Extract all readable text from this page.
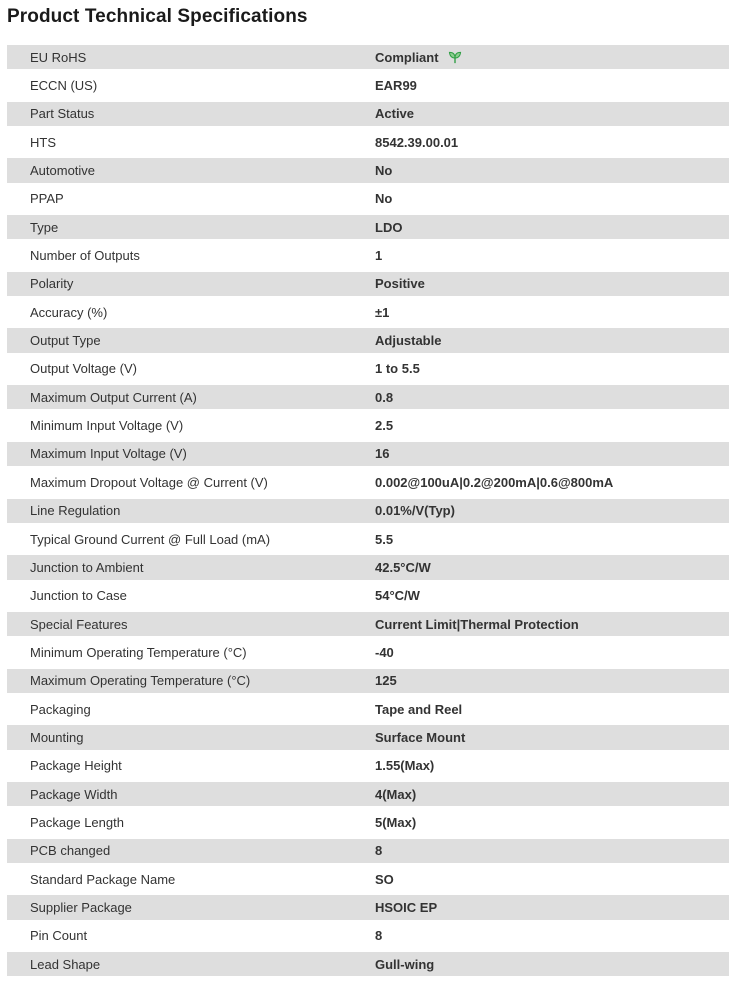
Product Technical Specifications
EU RoHS	Compliant
ECCN (US)	EAR99
Part Status	Active
HTS	8542.39.00.01
Automotive	No
PPAP	No
Type	LDO
Number of Outputs	1
Polarity	Positive
Accuracy (%)	±1
Output Type	Adjustable
Output Voltage (V)	1 to 5.5
Maximum Output Current (A)	0.8
Minimum Input Voltage (V)	2.5
Maximum Input Voltage (V)	16
Maximum Dropout Voltage @ Current (V)	0.002@100uA|0.2@200mA|0.6@800mA
Line Regulation	0.01%/V(Typ)
Typical Ground Current @ Full Load (mA)	5.5
Junction to Ambient	42.5°C/W
Junction to Case	54°C/W
Special Features	Current Limit|Thermal Protection
Minimum Operating Temperature (°C)	-40
Maximum Operating Temperature (°C)	125
Packaging	Tape and Reel
Mounting	Surface Mount
Package Height	1.55(Max)
Package Width	4(Max)
Package Length	5(Max)
PCB changed	8
Standard Package Name	SO
Supplier Package	HSOIC EP
Pin Count	8
Lead Shape	Gull-wing
